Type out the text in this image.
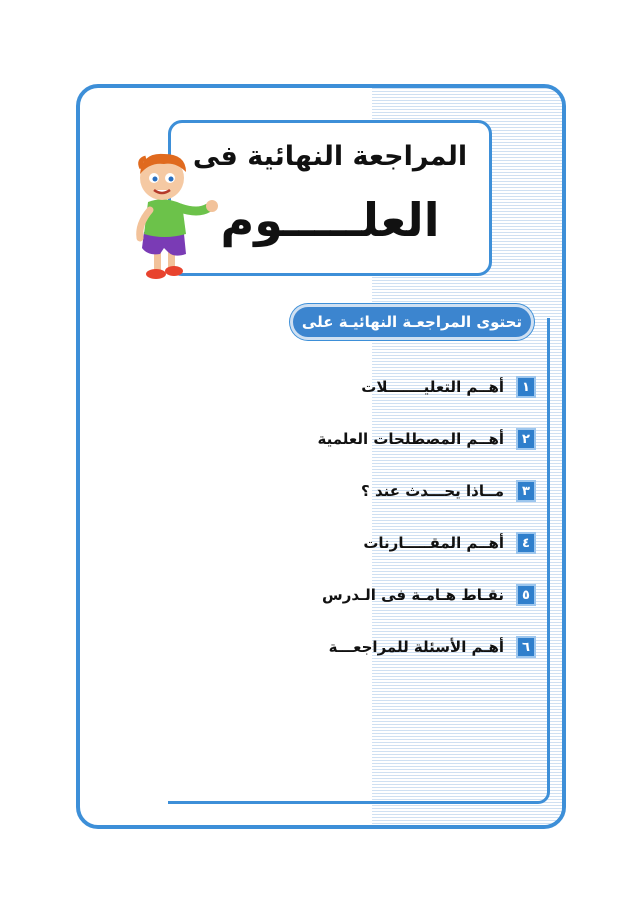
المراجعة النهائية فى
العلـــــوم
تحتوى المراجعـة النهائيـة على
١
أهــم التعليـــــــلات
٢
أهــم المصطلحات العلمية
٣
مــاذا يحـــدث عند ؟
٤
أهــم المقـــــارنات
٥
نقـاط هـامـة فى الـدرس
٦
أهـم الأسئلة للمراجعـــة
